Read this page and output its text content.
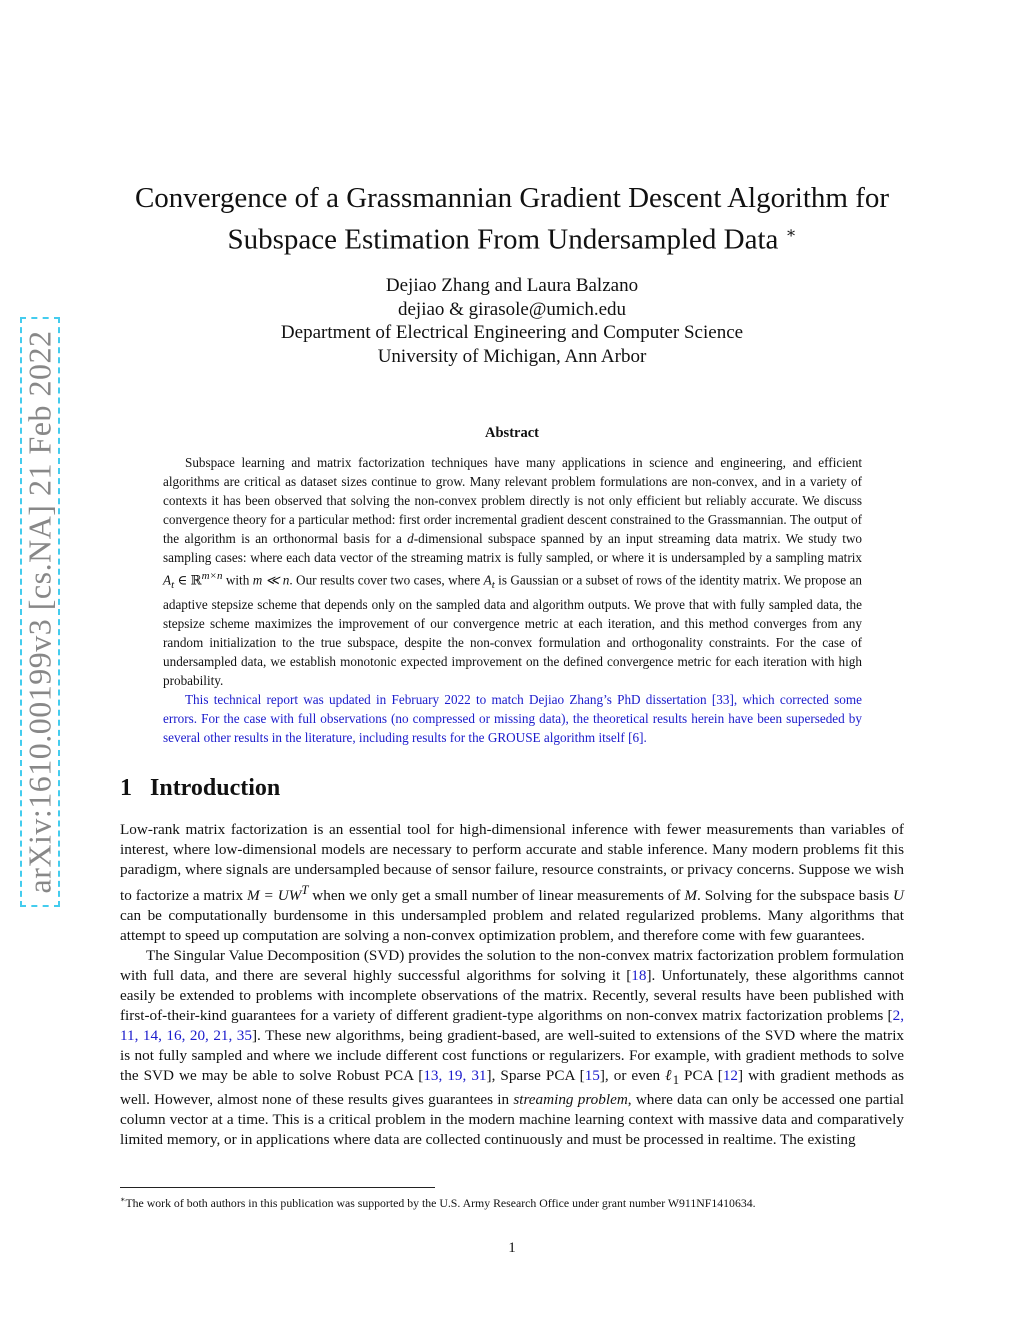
arXiv:1610.00199v3 [cs.NA] 21 Feb 2022
Convergence of a Grassmannian Gradient Descent Algorithm for
Subspace Estimation From Undersampled Data ∗
Dejiao Zhang and Laura Balzano
dejiao & girasole@umich.edu
Department of Electrical Engineering and Computer Science
University of Michigan, Ann Arbor
Abstract

Subspace learning and matrix factorization techniques have many applications in science and engineering, and efficient algorithms are critical as dataset sizes continue to grow. Many relevant problem formulations are non-convex, and in a variety of contexts it has been observed that solving the non-convex problem directly is not only efficient but reliably accurate. We discuss convergence theory for a particular method: first order incremental gradient descent constrained to the Grassmannian. The output of the algorithm is an orthonormal basis for a d-dimensional subspace spanned by an input streaming data matrix. We study two sampling cases: where each data vector of the streaming matrix is fully sampled, or where it is undersampled by a sampling matrix $A_t$ ∈ ℝ$^{m\times n}$ with m ≪ n. Our results cover two cases, where $A_t$ is Gaussian or a subset of rows of the identity matrix. We propose an adaptive stepsize scheme that depends only on the sampled data and algorithm outputs. We prove that with fully sampled data, the stepsize scheme maximizes the improvement of our convergence metric at each iteration, and this method converges from any random initialization to the true subspace, despite the non-convex formulation and orthogonality constraints. For the case of undersampled data, we establish monotonic expected improvement on the defined convergence metric for each iteration with high probability.

This technical report was updated in February 2022 to match Dejiao Zhang’s PhD dissertation [33], which corrected some errors. For the case with full observations (no compressed or missing data), the theoretical results herein have been superseded by several other results in the literature, including results for the GROUSE algorithm itself [6].

1 Introduction

Low-rank matrix factorization is an essential tool for high-dimensional inference with fewer measurements than variables of interest, where low-dimensional models are necessary to perform accurate and stable inference. Many modern problems fit this paradigm, where signals are undersampled because of sensor failure, resource constraints, or privacy concerns. Suppose we wish to factorize a matrix $M = UW^T$ when we only get a small number of linear measurements of M. Solving for the subspace basis U can be computationally burdensome in this undersampled problem and related regularized problems. Many algorithms that attempt to speed up computation are solving a non-convex optimization problem, and therefore come with few guarantees.

The Singular Value Decomposition (SVD) provides the solution to the non-convex matrix factorization problem formulation with full data, and there are several highly successful algorithms for solving it [18]. Unfortunately, these algorithms cannot easily be extended to problems with incomplete observations of the matrix. Recently, several results have been published with first-of-their-kind guarantees for a variety of different gradient-type algorithms on non-convex matrix factorization problems [2, 11, 14, 16, 20, 21, 35]. These new algorithms, being gradient-based, are well-suited to extensions of the SVD where the matrix is not fully sampled and where we include different cost functions or regularizers. For example, with gradient methods to solve the SVD we may be able to solve Robust PCA [13, 19, 31], Sparse PCA [15], or even ℓ$_1$ PCA [12] with gradient methods as well. However, almost none of these results gives guarantees in streaming problem, where data can only be accessed one partial column vector at a time. This is a critical problem in the modern machine learning context with massive data and comparatively limited memory, or in applications where data are collected continuously and must be processed in realtime. The existing

∗The work of both authors in this publication was supported by the U.S. Army Research Office under grant number W911NF1410634.
1
